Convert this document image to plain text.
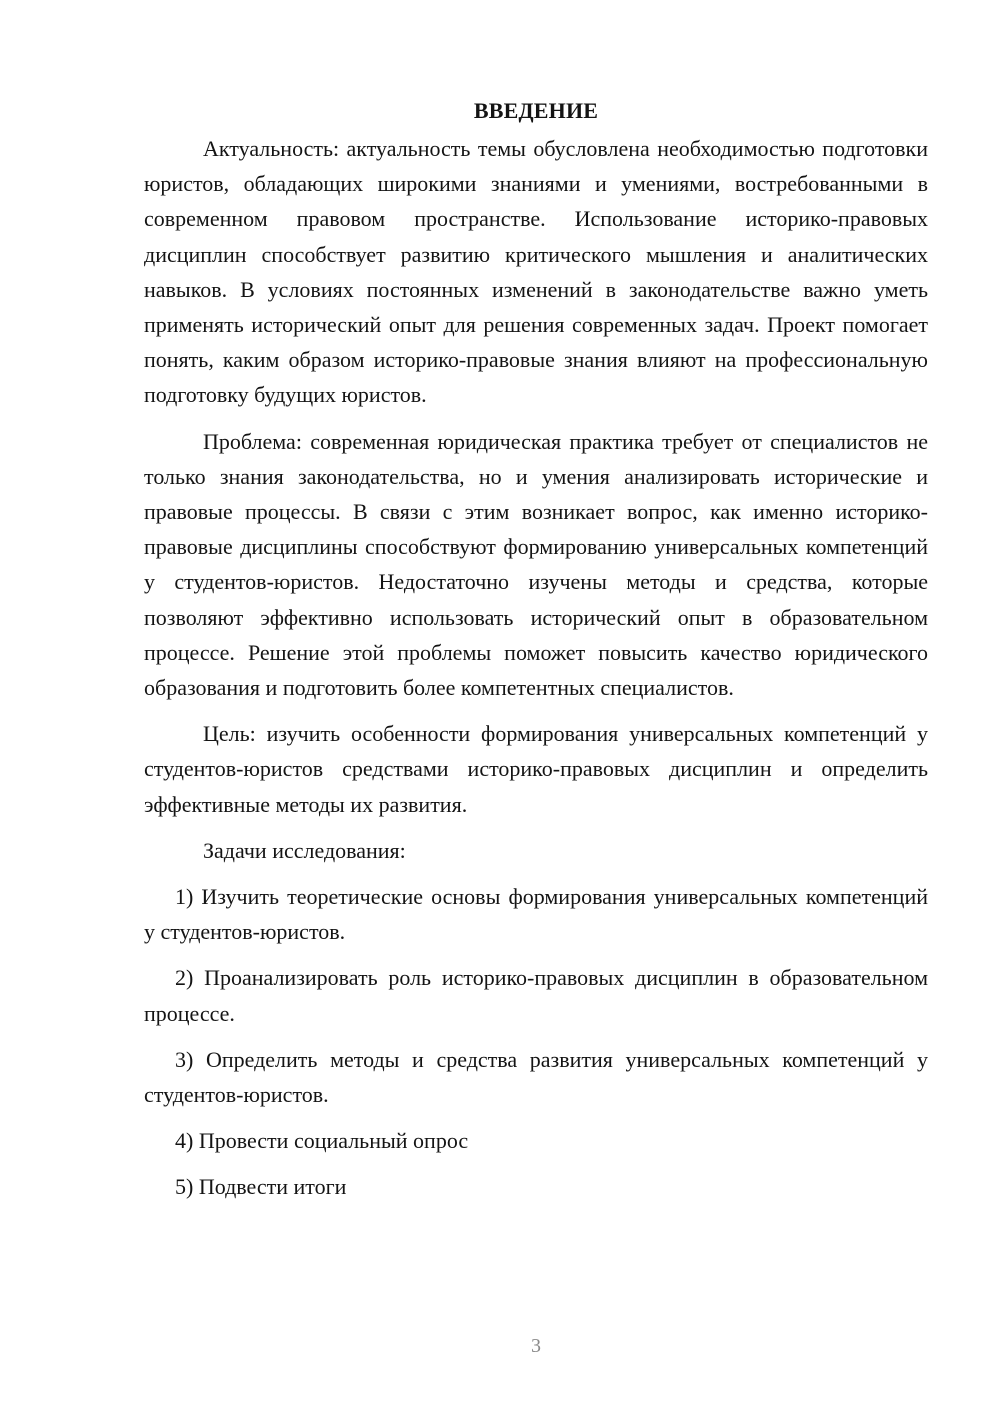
ВВЕДЕНИЕ

Актуальность: актуальность темы обусловлена необходимостью подготовки юристов, обладающих широкими знаниями и умениями, востребованными в современном правовом пространстве. Использование историко-правовых дисциплин способствует развитию критического мышления и аналитических навыков. В условиях постоянных изменений в законодательстве важно уметь применять исторический опыт для решения современных задач. Проект помогает понять, каким образом историко-правовые знания влияют на профессиональную подготовку будущих юристов.

Проблема: современная юридическая практика требует от специалистов не только знания законодательства, но и умения анализировать исторические и правовые процессы. В связи с этим возникает вопрос, как именно историко-правовые дисциплины способствуют формированию универсальных компетенций у студентов-юристов. Недостаточно изучены методы и средства, которые позволяют эффективно использовать исторический опыт в образовательном процессе. Решение этой проблемы поможет повысить качество юридического образования и подготовить более компетентных специалистов.

Цель: изучить особенности формирования универсальных компетенций у студентов-юристов средствами историко-правовых дисциплин и определить эффективные методы их развития.

Задачи исследования:

1) Изучить теоретические основы формирования универсальных компетенций у студентов-юристов.

2) Проанализировать роль историко-правовых дисциплин в образовательном процессе.

3) Определить методы и средства развития универсальных компетенций у студентов-юристов.

4) Провести социальный опрос

5) Подвести итоги

3
